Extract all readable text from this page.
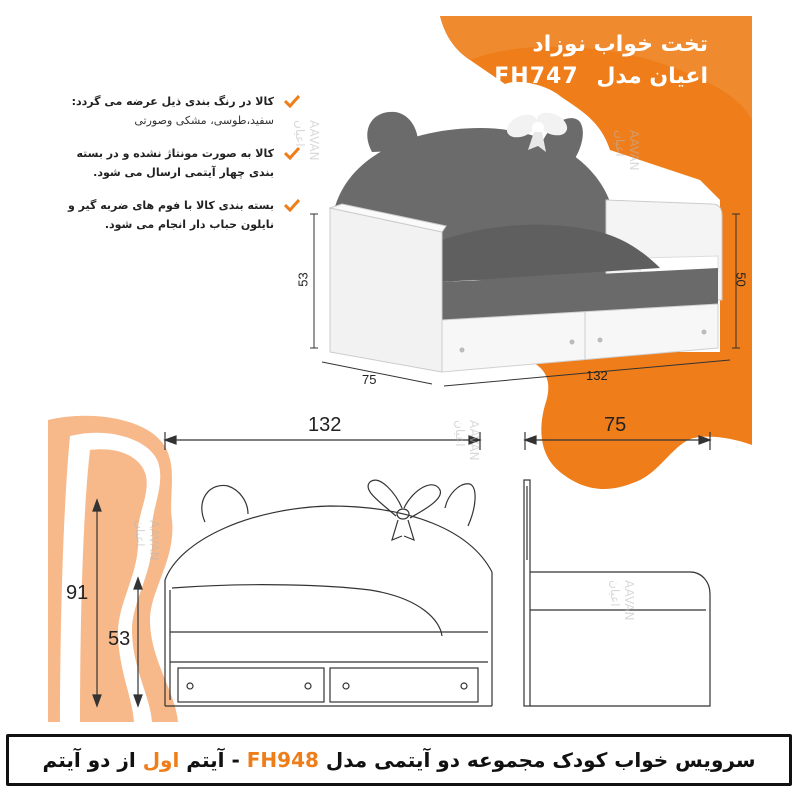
AAVAN
اعیان
AAVAN
اعیان
AAVAN
اعیان
AAVAN
اعیان	AAVAN
اعیان
تخت خواب نوزاد
اعیان مدل FH747
کالا در رنگ بندی ذیل عرضه می گردد:
سفید،طوسی، مشکی وصورتی
کالا به صورت مونتاژ نشده و در بسته بندی چهار آیتمی ارسال می شود.
بسته بندی کالا با فوم های ضربه گیر و نایلون حباب دار انجام می شود.
53
75	132
50
132	75
91
53
سرویس خواب کودک مجموعه دو آیتمی مدل FH948 - آیتم اول از دو آیتم
